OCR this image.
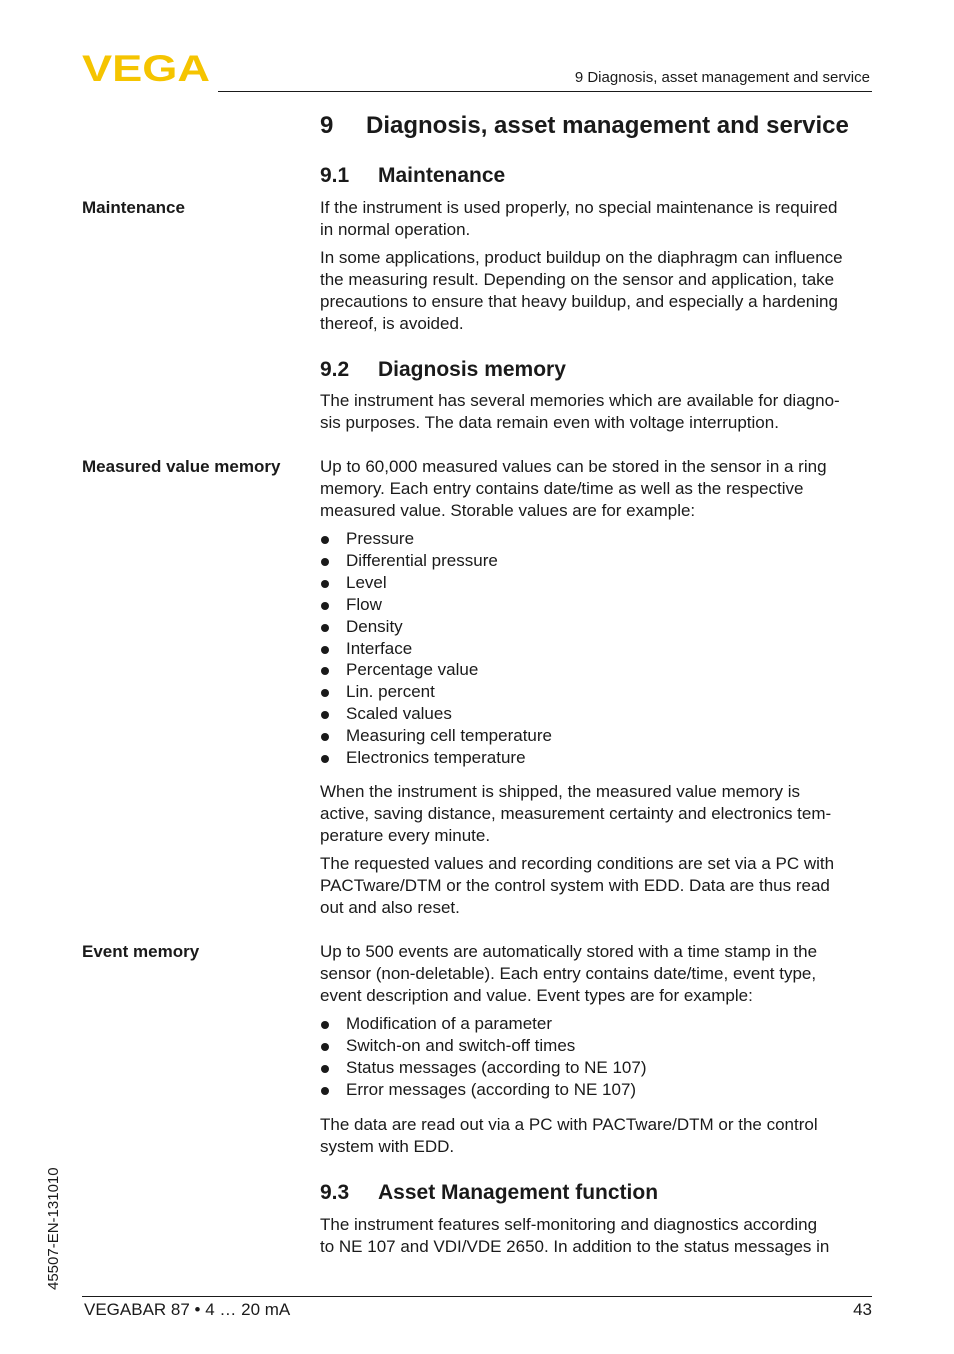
VEGA	9 Diagnosis, asset management and service
9 Diagnosis, asset management and service
9.1 Maintenance
Maintenance	If the instrument is used properly, no special maintenance is required
in normal operation.
In some applications, product buildup on the diaphragm can influence
the measuring result. Depending on the sensor and application, take
precautions to ensure that heavy buildup, and especially a hardening
thereof, is avoided.
9.2 Diagnosis memory
The instrument has several memories which are available for diagno-
sis purposes. The data remain even with voltage interruption.
Measured value memory Up to 60,000 measured values can be stored in the sensor in a ring
memory. Each entry contains date/time as well as the respective
measured value. Storable values are for example:
Pressure
Differential pressure
Level
Flow
Density
Interface
Percentage value
Lin. percent
Scaled values
Measuring cell temperature
Electronics temperature
When the instrument is shipped, the measured value memory is
active, saving distance, measurement certainty and electronics tem-
perature every minute.
The requested values and recording conditions are set via a PC with
PACTware/DTM or the control system with EDD. Data are thus read
out and also reset.
Event memory	Up to 500 events are automatically stored with a time stamp in the
sensor (non-deletable). Each entry contains date/time, event type,
event description and value. Event types are for example:
Modification of a parameter
Switch-on and switch-off times
Status messages (according to NE 107)
Error messages (according to NE 107)
The data are read out via a PC with PACTware/DTM or the control
system with EDD.
9.3 Asset Management function
The instrument features self-monitoring and diagnostics according
to NE 107 and VDI/VDE 2650. In addition to the status messages in
45507-EN-131010
VEGABAR 87 • 4 … 20 mA	43
